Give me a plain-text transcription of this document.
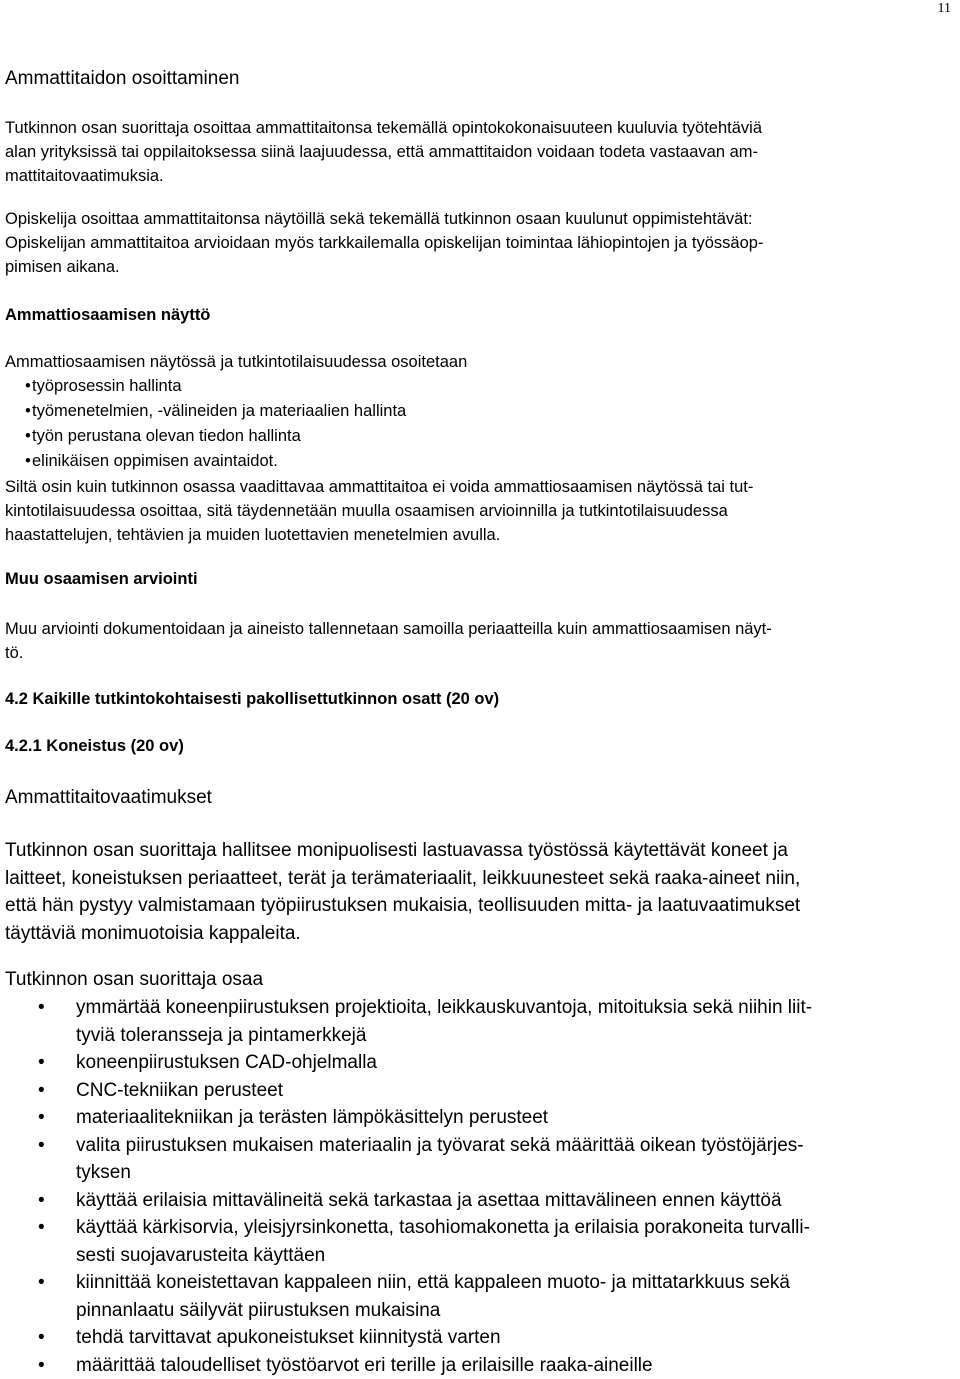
11
Ammattitaidon osoittaminen
Tutkinnon osan suorittaja osoittaa ammattitaitonsa tekemällä opintokokonaisuuteen kuuluvia työtehtäviä
alan yrityksissä tai oppilaitoksessa siinä laajuudessa, että ammattitaidon voidaan todeta vastaavan am-
mattitaitovaatimuksia.
Opiskelija osoittaa ammattitaitonsa näytöillä sekä tekemällä tutkinnon osaan kuulunut oppimistehtävät:
Opiskelijan ammattitaitoa arvioidaan myös tarkkailemalla opiskelijan toimintaa lähiopintojen ja työssäop-
pimisen aikana.
Ammattiosaamisen näyttö
Ammattiosaamisen näytössä ja tutkintotilaisuudessa osoitetaan
• työprosessin hallinta
• työmenetelmien, -välineiden ja materiaalien hallinta
• työn perustana olevan tiedon hallinta
• elinikäisen oppimisen avaintaidot.
Siltä osin kuin tutkinnon osassa vaadittavaa ammattitaitoa ei voida ammattiosaamisen näytössä tai tut-
kintotilaisuudessa osoittaa, sitä täydennetään muulla osaamisen arvioinnilla ja tutkintotilaisuudessa
haastattelujen, tehtävien ja muiden luotettavien menetelmien avulla.
Muu osaamisen arviointi
Muu arviointi dokumentoidaan ja aineisto tallennetaan samoilla periaatteilla kuin ammattiosaamisen näyt-
tö.
4.2 Kaikille tutkintokohtaisesti pakollisettutkinnon osatt (20 ov)
4.2.1 Koneistus (20 ov)
Ammattitaitovaatimukset
Tutkinnon osan suorittaja hallitsee monipuolisesti lastuavassa työstössä käytettävät koneet ja
laitteet, koneistuksen periaatteet, terät ja terämateriaalit, leikkuunesteet sekä raaka-aineet niin,
että hän pystyy valmistamaan työpiirustuksen mukaisia, teollisuuden mitta- ja laatuvaatimukset
täyttäviä monimuotoisia kappaleita.
Tutkinnon osan suorittaja osaa
• ymmärtää koneenpiirustuksen projektioita, leikkauskuvantoja, mitoituksia sekä niihin liit-
tyviä toleransseja ja pintamerkkejä
• koneenpiirustuksen CAD-ohjelmalla
• CNC-tekniikan perusteet
• materiaalitekniikan ja terästen lämpökäsittelyn perusteet
• valita piirustuksen mukaisen materiaalin ja työvarat sekä määrittää oikean työstöjärjes-
tyksen
• käyttää erilaisia mittavälineitä sekä tarkastaa ja asettaa mittavälineen ennen käyttöä
• käyttää kärkisorvia, yleisjyrsinkonetta, tasohiomakonetta ja erilaisia porakoneita turvalli-
sesti suojavarusteita käyttäen
• kiinnittää koneistettavan kappaleen niin, että kappaleen muoto- ja mittatarkkuus sekä
pinnanlaatu säilyvät piirustuksen mukaisina
• tehdä tarvittavat apukoneistukset kiinnitystä varten
• määrittää taloudelliset työstöarvot eri terille ja erilaisille raaka-aineille
